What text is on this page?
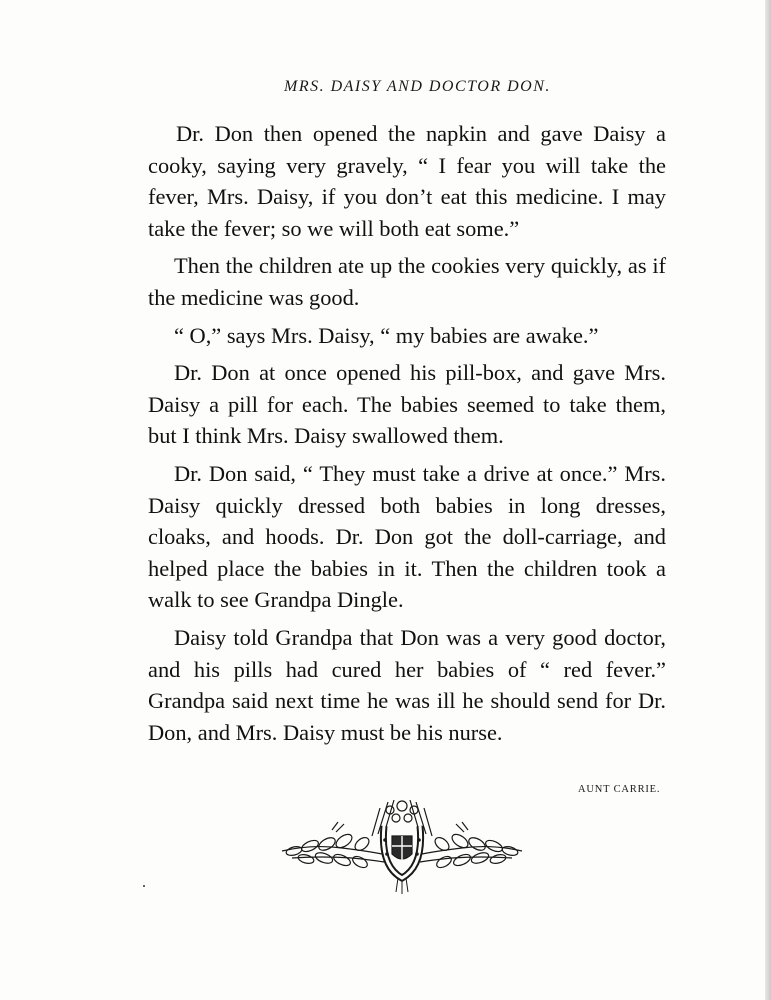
MRS. DAISY AND DOCTOR DON.

Dr. Don then opened the napkin and gave Daisy a cooky, saying very gravely, “ I fear you will take the fever, Mrs. Daisy, if you don’t eat this medicine. I may take the fever; so we will both eat some.”

Then the children ate up the cookies very quickly, as if the medicine was good.

“ O,” says Mrs. Daisy, “ my babies are awake.”

Dr. Don at once opened his pill-box, and gave Mrs. Daisy a pill for each. The babies seemed to take them, but I think Mrs. Daisy swallowed them.

Dr. Don said, “ They must take a drive at once.” Mrs. Daisy quickly dressed both babies in long dresses, cloaks, and hoods. Dr. Don got the doll-carriage, and helped place the babies in it. Then the children took a walk to see Grandpa Dingle.

Daisy told Grandpa that Don was a very good doctor, and his pills had cured her babies of “ red fever.” Grandpa said next time he was ill he should send for Dr. Don, and Mrs. Daisy must be his nurse.

AUNT CARRIE.
